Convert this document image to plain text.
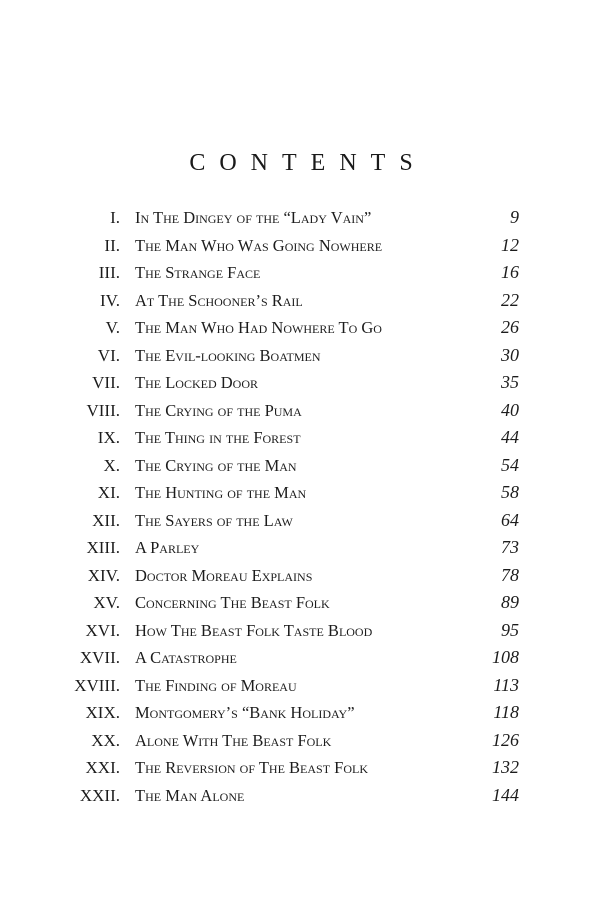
CONTENTS
I. In The Dingey of the “Lady Vain”	9
II. The Man Who Was Going Nowhere	12
III. The Strange Face	16
IV. At The Schooner’s Rail	22
V. The Man Who Had Nowhere To Go	26
VI. The Evil-looking Boatmen	30
VII. The Locked Door	35
VIII. The Crying of the Puma	40
IX. The Thing in the Forest	44
X. The Crying of the Man	54
XI. The Hunting of the Man	58
XII. The Sayers of the Law	64
XIII. A Parley	73
XIV. Doctor Moreau Explains	78
XV. Concerning The Beast Folk	89
XVI. How The Beast Folk Taste Blood	95
XVII. A Catastrophe	108
XVIII. The Finding of Moreau	113
XIX. Montgomery’s “Bank Holiday”	118
XX. Alone With The Beast Folk	126
XXI. The Reversion of The Beast Folk	132
XXII. The Man Alone	144
